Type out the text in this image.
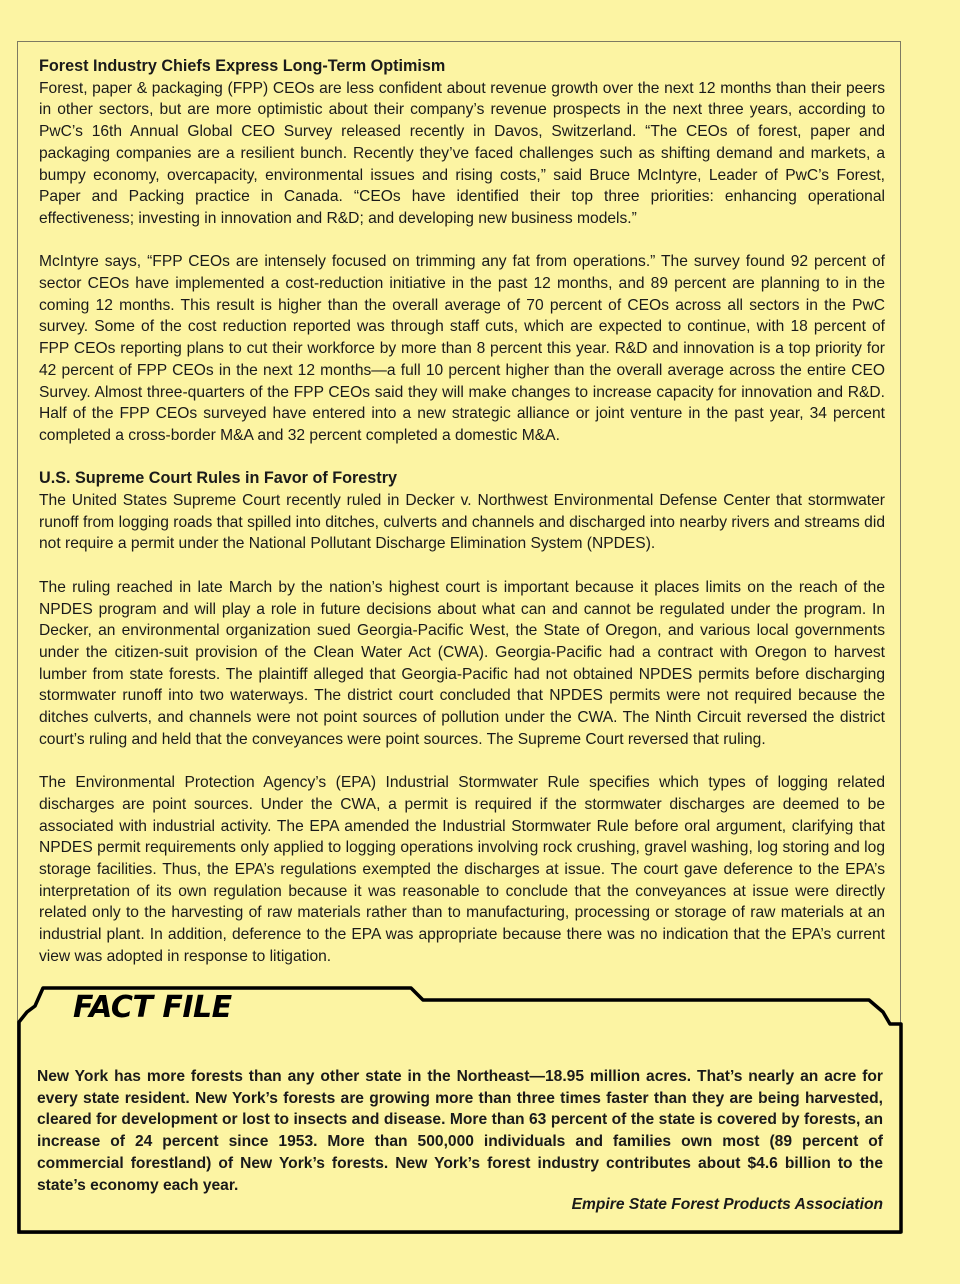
Forest Industry Chiefs Express Long-Term Optimism

Forest, paper & packaging (FPP) CEOs are less confident about revenue growth over the next 12 months than their peers in other sectors, but are more optimistic about their company’s revenue prospects in the next three years, according to PwC’s 16th Annual Global CEO Survey released recently in Davos, Switzerland. “The CEOs of forest, paper and packaging companies are a resilient bunch. Recently they’ve faced challenges such as shifting demand and markets, a bumpy economy, overcapacity, environmental issues and rising costs,” said Bruce McIntyre, Leader of PwC’s Forest, Paper and Packing practice in Canada. “CEOs have identified their top three priorities: enhancing operational effectiveness; investing in innovation and R&D; and developing new business models.”

McIntyre says, “FPP CEOs are intensely focused on trimming any fat from operations.” The survey found 92 percent of sector CEOs have implemented a cost-reduction initiative in the past 12 months, and 89 percent are planning to in the coming 12 months. This result is higher than the overall average of 70 percent of CEOs across all sectors in the PwC survey. Some of the cost reduction reported was through staff cuts, which are expected to continue, with 18 percent of FPP CEOs reporting plans to cut their workforce by more than 8 percent this year. R&D and innovation is a top priority for 42 percent of FPP CEOs in the next 12 months—a full 10 percent higher than the overall average across the entire CEO Survey. Almost three-quarters of the FPP CEOs said they will make changes to increase capacity for innovation and R&D. Half of the FPP CEOs surveyed have entered into a new strategic alliance or joint venture in the past year, 34 percent completed a cross-border M&A and 32 percent completed a domestic M&A.

U.S. Supreme Court Rules in Favor of Forestry

The United States Supreme Court recently ruled in Decker v. Northwest Environmental Defense Center that stormwater runoff from logging roads that spilled into ditches, culverts and channels and discharged into nearby rivers and streams did not require a permit under the National Pollutant Discharge Elimination System (NPDES).

The ruling reached in late March by the nation’s highest court is important because it places limits on the reach of the NPDES program and will play a role in future decisions about what can and cannot be regulated under the program. In Decker, an environmental organization sued Georgia-Pacific West, the State of Oregon, and various local governments under the citizen-suit provision of the Clean Water Act (CWA). Georgia-Pacific had a contract with Oregon to harvest lumber from state forests. The plaintiff alleged that Georgia-Pacific had not obtained NPDES permits before discharging stormwater runoff into two waterways. The district court concluded that NPDES permits were not required because the ditches culverts, and channels were not point sources of pollution under the CWA. The Ninth Circuit reversed the district court’s ruling and held that the conveyances were point sources. The Supreme Court reversed that ruling.

The Environmental Protection Agency’s (EPA) Industrial Stormwater Rule specifies which types of logging related discharges are point sources. Under the CWA, a permit is required if the stormwater discharges are deemed to be associated with industrial activity. The EPA amended the Industrial Stormwater Rule before oral argument, clarifying that NPDES permit requirements only applied to logging operations involving rock crushing, gravel washing, log storing and log storage facilities. Thus, the EPA’s regulations exempted the discharges at issue. The court gave deference to the EPA’s interpretation of its own regulation because it was reasonable to conclude that the conveyances at issue were directly related only to the harvesting of raw materials rather than to manufacturing, processing or storage of raw materials at an industrial plant. In addition, deference to the EPA was appropriate because there was no indication that the EPA’s current view was adopted in response to litigation.

FACT FILE

New York has more forests than any other state in the Northeast—18.95 million acres. That’s nearly an acre for every state resident. New York’s forests are growing more than three times faster than they are being harvested, cleared for development or lost to insects and disease. More than 63 percent of the state is covered by forests, an increase of 24 percent since 1953. More than 500,000 individuals and families own most (89 percent of commercial forestland) of New York’s forests. New York’s forest industry contributes about $4.6 billion to the state’s economy each year.

Empire State Forest Products Association
